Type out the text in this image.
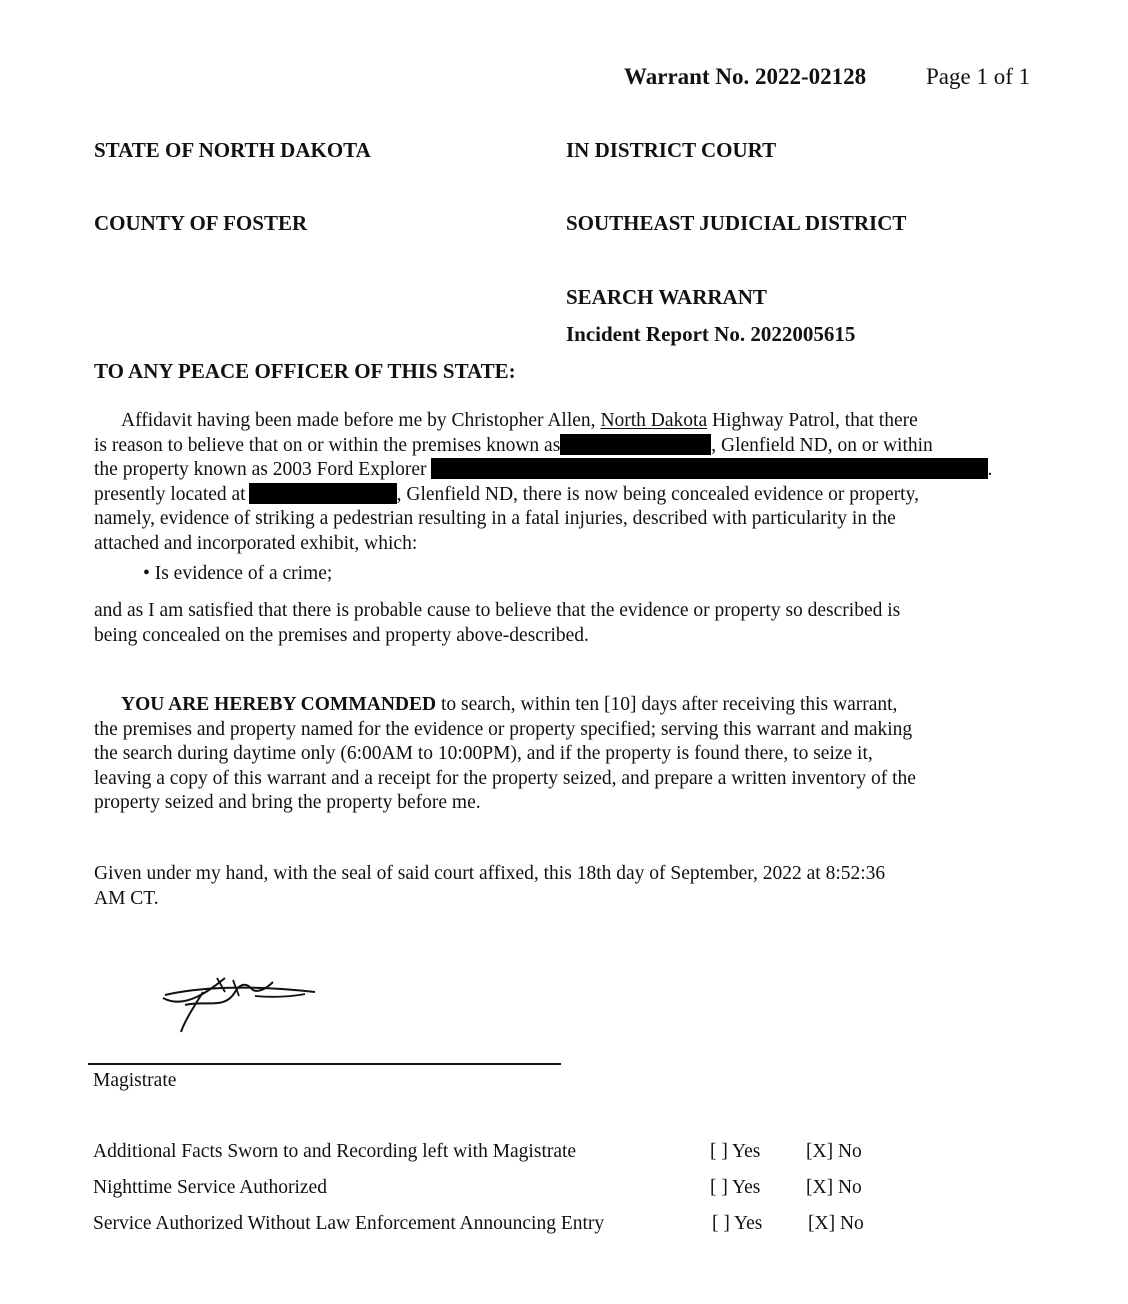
Warrant No. 2022-02128	Page 1 of 1
STATE OF NORTH DAKOTA	IN DISTRICT COURT
COUNTY OF FOSTER	SOUTHEAST JUDICIAL DISTRICT
SEARCH WARRANT
Incident Report No. 2022005615
TO ANY PEACE OFFICER OF THIS STATE:
Affidavit having been made before me by Christopher Allen, North Dakota Highway Patrol, that there
is reason to believe that on or within the premises known as	, Glenfield ND, on or within
the property known as 2003 Ford Explorer	.
presently located at	, Glenfield ND, there is now being concealed evidence or property,
namely, evidence of striking a pedestrian resulting in a fatal injuries, described with particularity in the
attached and incorporated exhibit, which:
• Is evidence of a crime;
and as I am satisfied that there is probable cause to believe that the evidence or property so described is
being concealed on the premises and property above-described.
YOU ARE HEREBY COMMANDED to search, within ten [10] days after receiving this warrant,
the premises and property named for the evidence or property specified; serving this warrant and making
the search during daytime only (6:00AM to 10:00PM), and if the property is found there, to seize it,
leaving a copy of this warrant and a receipt for the property seized, and prepare a written inventory of the
property seized and bring the property before me.
Given under my hand, with the seal of said court affixed, this 18th day of September, 2022 at 8:52:36
AM CT.
Magistrate
Additional Facts Sworn to and Recording left with Magistrate	[ ] Yes [X] No
Nighttime Service Authorized	[ ] Yes [X] No
Service Authorized Without Law Enforcement Announcing Entry	[ ] Yes [X] No
